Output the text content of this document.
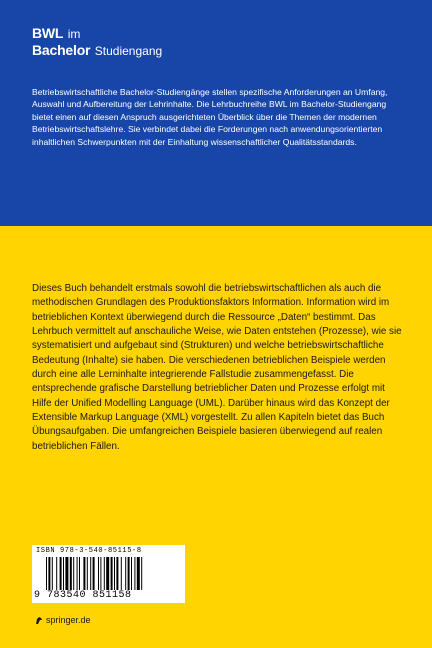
BWL im
Bachelor Studiengang

Betriebswirtschaftliche Bachelor-Studiengänge stellen spezifische Anforderungen an Umfang, Auswahl und Aufbereitung der Lehrinhalte. Die Lehrbuchreihe BWL im Bachelor-Studiengang bietet einen auf diesen Anspruch ausgerichteten Überblick über die Themen der modernen Betriebswirtschaftslehre. Sie verbindet dabei die Forderungen nach anwendungsorientierten inhaltlichen Schwerpunkten mit der Einhaltung wissenschaftlicher Qualitätsstandards.

Dieses Buch behandelt erstmals sowohl die betriebswirtschaftlichen als auch die methodischen Grundlagen des Produktionsfaktors Information. Information wird im betrieblichen Kontext überwiegend durch die Ressource „Daten“ bestimmt. Das Lehrbuch vermittelt auf anschauliche Weise, wie Daten entstehen (Prozesse), wie sie systematisiert und aufgebaut sind (Strukturen) und welche betriebswirtschaftliche Bedeutung (Inhalte) sie haben. Die verschiedenen betrieblichen Beispiele werden durch eine alle Lerninhalte integrierende Fallstudie zusammengefasst. Die entsprechende grafische Darstellung betrieblicher Daten und Prozesse erfolgt mit Hilfe der Unified Modelling Language (UML). Darüber hinaus wird das Konzept der Extensible Markup Language (XML) vorgestellt. Zu allen Kapiteln bietet das Buch Übungsaufgaben. Die umfangreichen Beispiele basieren überwiegend auf realen betrieblichen Fällen.

ISBN 978-3-540-85115-8
9 783540 851158
springer.de
